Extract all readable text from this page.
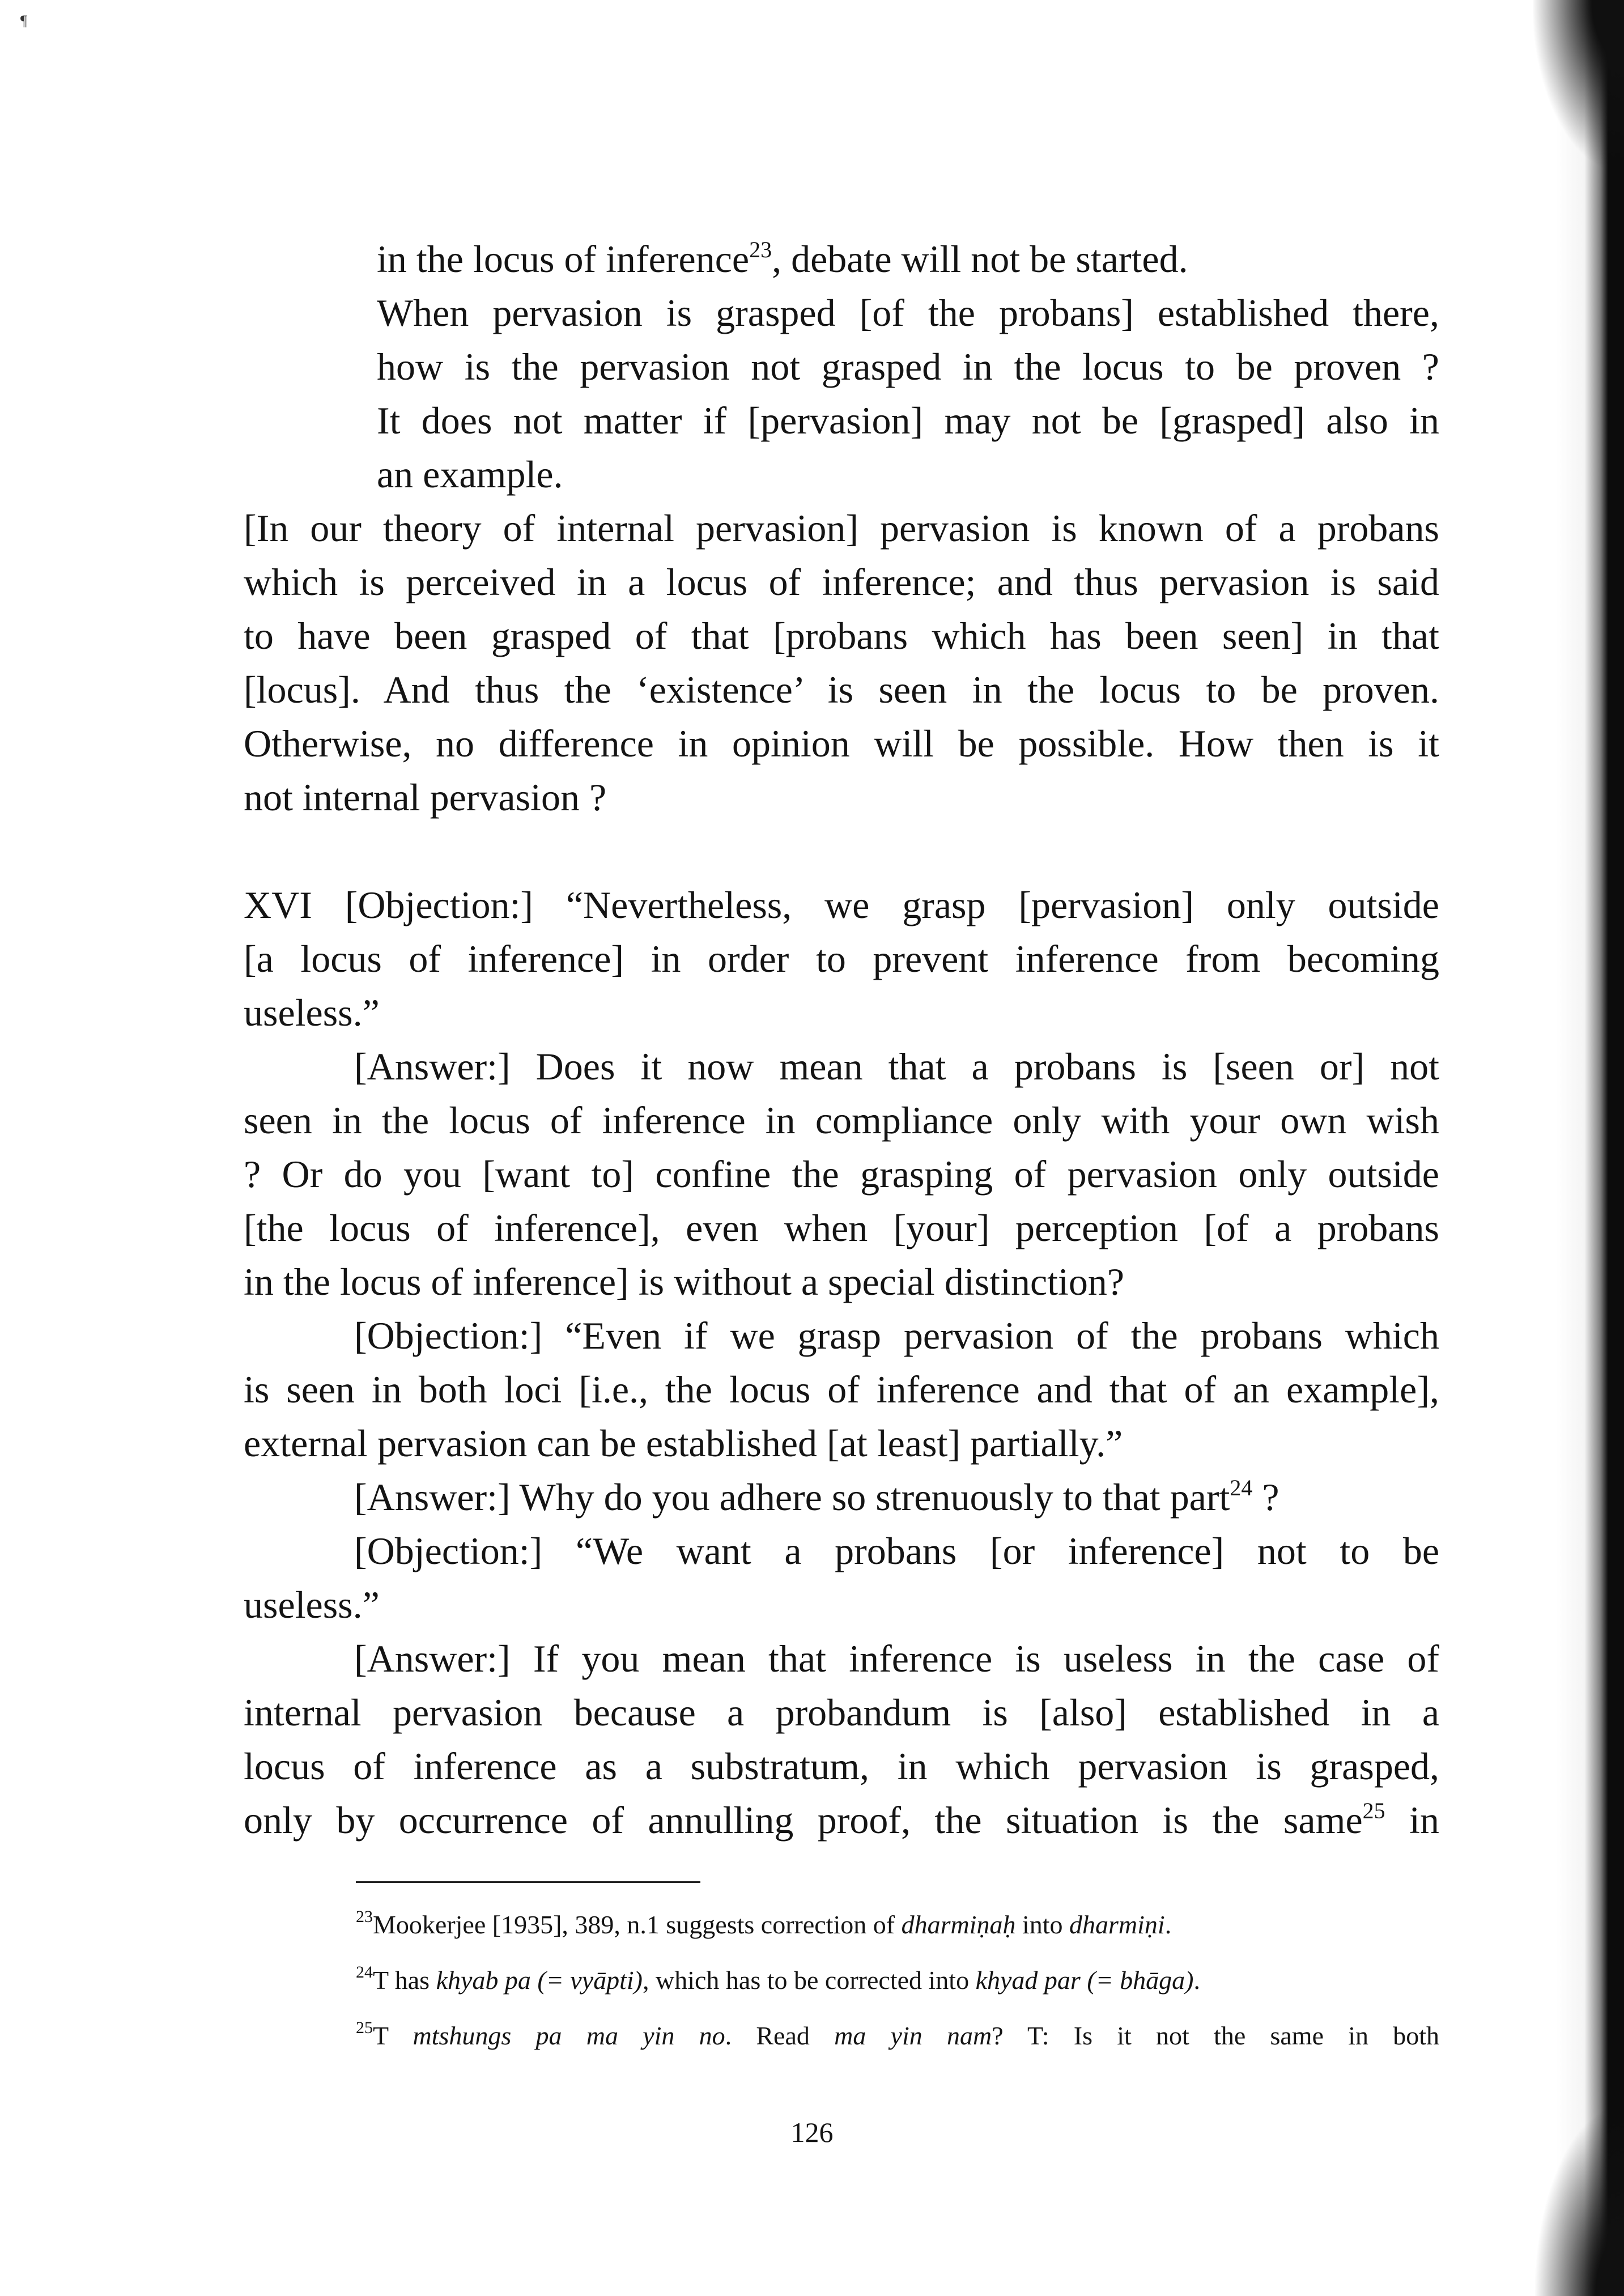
¶
in the locus of inference$^{23}$, debate will not be started.
When pervasion is grasped [of the probans] established there,
how is the pervasion not grasped in the locus to be proven ?
It does not matter if [pervasion] may not be [grasped] also in
an example.
[In our theory of internal pervasion] pervasion is known of a probans
which is perceived in a locus of inference; and thus pervasion is said
to have been grasped of that [probans which has been seen] in that
[locus]. And thus the ‘existence’ is seen in the locus to be proven.
Otherwise, no difference in opinion will be possible. How then is it
not internal pervasion ?
XVI [Objection:] “Nevertheless, we grasp [pervasion] only outside
[a locus of inference] in order to prevent inference from becoming
useless.”
[Answer:] Does it now mean that a probans is [seen or] not
seen in the locus of inference in compliance only with your own wish
? Or do you [want to] confine the grasping of pervasion only outside
[the locus of inference], even when [your] perception [of a probans
in the locus of inference] is without a special distinction?
[Objection:] “Even if we grasp pervasion of the probans which
is seen in both loci [i.e., the locus of inference and that of an example],
external pervasion can be established [at least] partially.”
[Answer:] Why do you adhere so strenuously to that part$^{24}$ ?
[Objection:] “We want a probans [or inference] not to be
useless.”
[Answer:] If you mean that inference is useless in the case of
internal pervasion because a probandum is [also] established in a
locus of inference as a substratum, in which pervasion is grasped,
only by occurrence of annulling proof, the situation is the same$^{25}$ in
$^{23}$Mookerjee [1935], 389, n.1 suggests correction of dharmiṇaḥ into dharmiṇi.
$^{24}$T has khyab pa (= vyāpti), which has to be corrected into khyad par (= bhāga).
$^{25}$T mtshungs pa ma yin no. Read ma yin nam? T: Is it not the same in both
126
